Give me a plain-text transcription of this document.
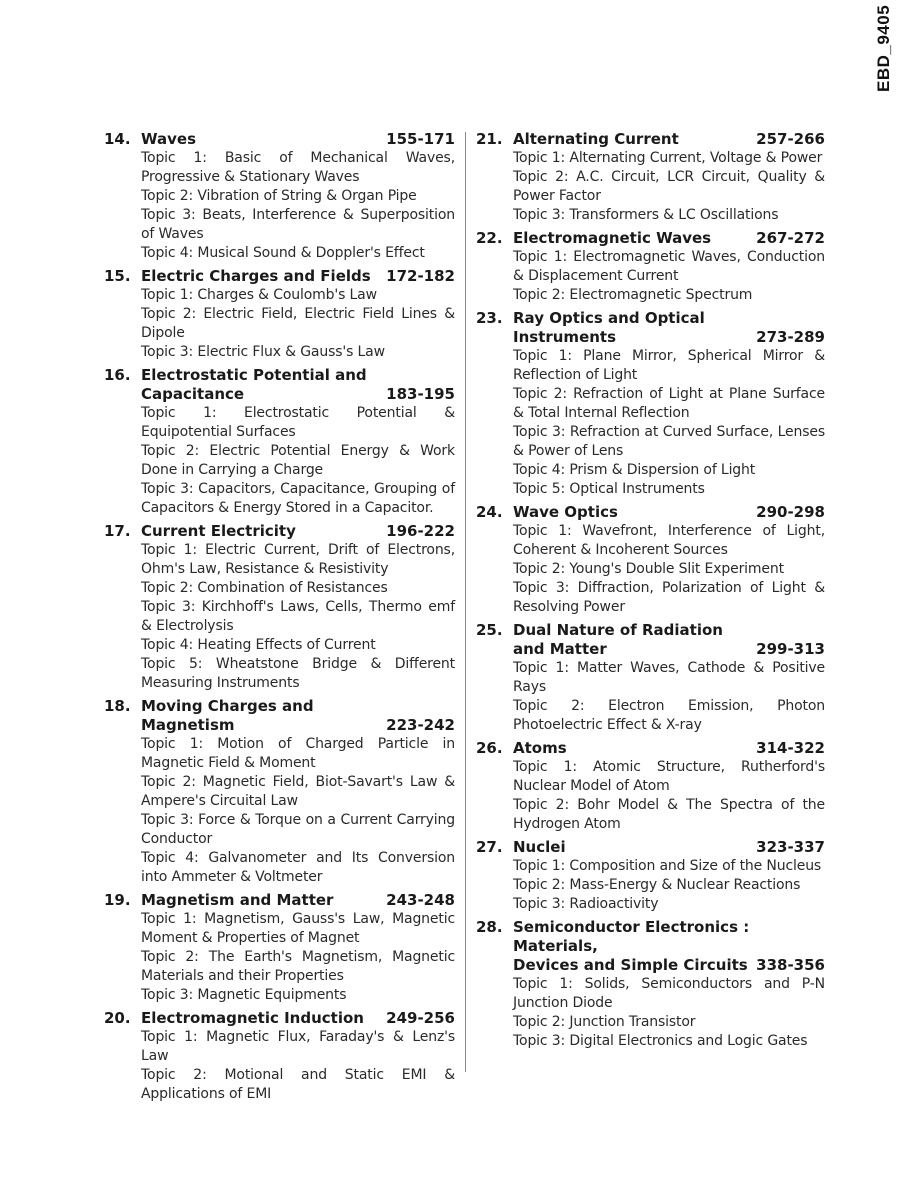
EBD_9405
14. Waves	155-171
Topic 1: Basic of Mechanical Waves, Progressive & Stationary Waves
Topic 2: Vibration of String & Organ Pipe
Topic 3: Beats, Interference & Superposition of Waves
Topic 4: Musical Sound & Doppler's Effect
15. Electric Charges and Fields 172-182
Topic 1: Charges & Coulomb's Law
Topic 2: Electric Field, Electric Field Lines & Dipole
Topic 3: Electric Flux & Gauss's Law
16. Electrostatic Potential and
Capacitance	183-195
Topic 1: Electrostatic Potential & Equipotential Surfaces
Topic 2: Electric Potential Energy & Work Done in Carrying a Charge
Topic 3: Capacitors, Capacitance, Grouping of Capacitors & Energy Stored in a Capacitor.
17. Current Electricity	196-222
Topic 1: Electric Current, Drift of Electrons, Ohm's Law, Resistance & Resistivity
Topic 2: Combination of Resistances
Topic 3: Kirchhoff's Laws, Cells, Thermo emf & Electrolysis
Topic 4: Heating Effects of Current
Topic 5: Wheatstone Bridge & Different Measuring Instruments
18. Moving Charges and Magnetism	223-242
Topic 1: Motion of Charged Particle in Magnetic Field & Moment
Topic 2: Magnetic Field, Biot-Savart's Law & Ampere's Circuital Law
Topic 3: Force & Torque on a Current Carrying Conductor
Topic 4: Galvanometer and Its Conversion into Ammeter & Voltmeter
19. Magnetism and Matter	243-248
Topic 1: Magnetism, Gauss's Law, Magnetic Moment & Properties of Magnet
Topic 2: The Earth's Magnetism, Magnetic Materials and their Properties
Topic 3: Magnetic Equipments
20. Electromagnetic Induction 249-256
Topic 1: Magnetic Flux, Faraday's & Lenz's Law
Topic 2: Motional and Static EMI & Applications of EMI
21. Alternating Current	257-266
Topic 1: Alternating Current, Voltage & Power
Topic 2: A.C. Circuit, LCR Circuit, Quality & Power Factor
Topic 3: Transformers & LC Oscillations
22. Electromagnetic Waves	267-272
Topic 1: Electromagnetic Waves, Conduction & Displacement Current
Topic 2: Electromagnetic Spectrum
23. Ray Optics and Optical
Instruments	273-289
Topic 1: Plane Mirror, Spherical Mirror & Reflection of Light
Topic 2: Refraction of Light at Plane Surface & Total Internal Reflection
Topic 3: Refraction at Curved Surface, Lenses & Power of Lens
Topic 4: Prism & Dispersion of Light
Topic 5: Optical Instruments
24. Wave Optics	290-298
Topic 1: Wavefront, Interference of Light, Coherent & Incoherent Sources
Topic 2: Young's Double Slit Experiment
Topic 3: Diffraction, Polarization of Light & Resolving Power
25. Dual Nature of Radiation
and Matter	299-313
Topic 1: Matter Waves, Cathode & Positive Rays
Topic 2: Electron Emission, Photon Photoelectric Effect & X-ray
26. Atoms	314-322
Topic 1: Atomic Structure, Rutherford's Nuclear Model of Atom
Topic 2: Bohr Model & The Spectra of the Hydrogen Atom
27. Nuclei	323-337
Topic 1: Composition and Size of the Nucleus
Topic 2: Mass-Energy & Nuclear Reactions
Topic 3: Radioactivity
28. Semiconductor Electronics : Materials,
Devices and Simple Circuits 338-356
Topic 1: Solids, Semiconductors and P-N Junction Diode
Topic 2: Junction Transistor
Topic 3: Digital Electronics and Logic Gates
